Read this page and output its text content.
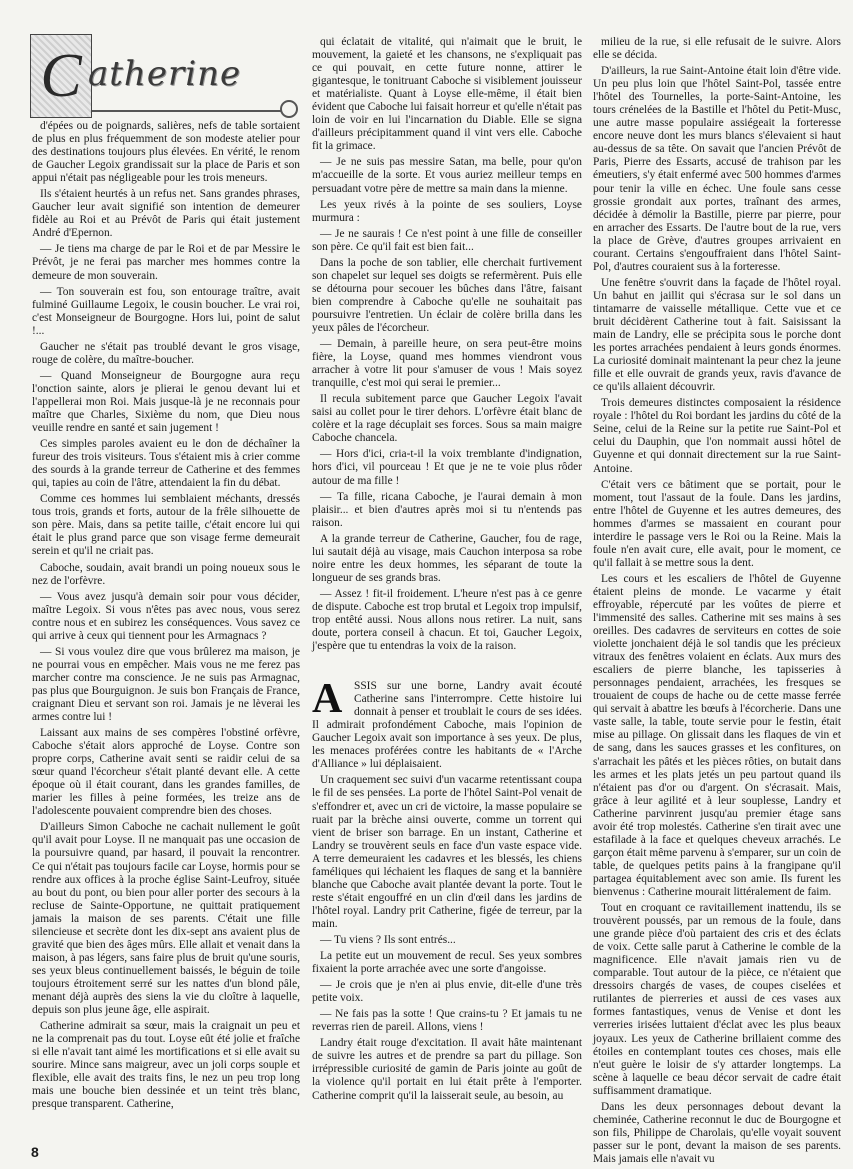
C atherine

d'épées ou de poignards, salières, nefs de table sortaient de plus en plus fréquemment de son modeste atelier pour des destinations toujours plus élevées. En vérité, le renom de Gaucher Legoix grandissait sur la place de Paris et son appui n'était pas négligeable pour les trois meneurs.

Ils s'étaient heurtés à un refus net. Sans grandes phrases, Gaucher leur avait signifié son intention de demeurer fidèle au Roi et au Prévôt de Paris qui était justement André d'Epernon.

— Je tiens ma charge de par le Roi et de par Messire le Prévôt, je ne ferai pas marcher mes hommes contre la demeure de mon souverain.

— Ton souverain est fou, son entourage traître, avait fulminé Guillaume Legoix, le cousin boucher. Le vrai roi, c'est Monseigneur de Bourgogne. Hors lui, point de salut !...

Gaucher ne s'était pas troublé devant le gros visage, rouge de colère, du maître-boucher.

— Quand Monseigneur de Bourgogne aura reçu l'onction sainte, alors je plierai le genou devant lui et l'appellerai mon Roi. Mais jusque-là je ne reconnais pour maître que Charles, Sixième du nom, que Dieu nous veuille rendre en santé et sain jugement !

Ces simples paroles avaient eu le don de déchaîner la fureur des trois visiteurs. Tous s'étaient mis à crier comme des sourds à la grande terreur de Catherine et des femmes qui, tapies au coin de l'âtre, attendaient la fin du débat.

Comme ces hommes lui semblaient méchants, dressés tous trois, grands et forts, autour de la frêle silhouette de son père. Mais, dans sa petite taille, c'était encore lui qui était le plus grand parce que son visage ferme demeurait serein et qu'il ne criait pas.

Caboche, soudain, avait brandi un poing noueux sous le nez de l'orfèvre.

— Vous avez jusqu'à demain soir pour vous décider, maître Legoix. Si vous n'êtes pas avec nous, vous serez contre nous et en subirez les conséquences. Vous savez ce qui arrive à ceux qui tiennent pour les Armagnacs ?

— Si vous voulez dire que vous brûlerez ma maison, je ne pourrai vous en empêcher. Mais vous ne me ferez pas marcher contre ma conscience. Je ne suis pas Armagnac, pas plus que Bourguignon. Je suis bon Français de France, craignant Dieu et servant son roi. Jamais je ne lèverai les armes contre lui !

Laissant aux mains de ses compères l'obstiné orfèvre, Caboche s'était alors approché de Loyse. Contre son propre corps, Catherine avait senti se raidir celui de sa sœur quand l'écorcheur s'était planté devant elle. A cette époque où il était courant, dans les grandes familles, de marier les filles à peine formées, les treize ans de l'adolescente pouvaient comprendre bien des choses.

D'ailleurs Simon Caboche ne cachait nullement le goût qu'il avait pour Loyse. Il ne manquait pas une occasion de la poursuivre quand, par hasard, il pouvait la rencontrer. Ce qui n'était pas toujours facile car Loyse, hormis pour se rendre aux offices à la proche église Saint-Leufroy, située au bout du pont, ou bien pour aller porter des secours à la recluse de Sainte-Opportune, ne quittait pratiquement jamais la maison de ses parents. C'était une fille silencieuse et secrète dont les dix-sept ans avaient plus de gravité que bien des âges mûrs. Elle allait et venait dans la maison, à pas légers, sans faire plus de bruit qu'une souris, ses yeux bleus continuellement baissés, le béguin de toile toujours étroitement serré sur les nattes d'un blond pâle, menant déjà auprès des siens la vie du cloître à laquelle, depuis son plus jeune âge, elle aspirait.

Catherine admirait sa sœur, mais la craignait un peu et ne la comprenait pas du tout. Loyse eût été jolie et fraîche si elle n'avait tant aimé les mortifications et si elle avait su sourire. Mince sans maigreur, avec un joli corps souple et flexible, elle avait des traits fins, le nez un peu trop long mais une bouche bien dessinée et un teint très blanc, presque transparent. Catherine,

qui éclatait de vitalité, qui n'aimait que le bruit, le mouvement, la gaieté et les chansons, ne s'expliquait pas ce qui pouvait, en cette future nonne, attirer le gigantesque, le tonitruant Caboche si visiblement jouisseur et matérialiste. Quant à Loyse elle-même, il était bien évident que Caboche lui faisait horreur et qu'elle n'était pas loin de voir en lui l'incarnation du Diable. Elle se signa d'ailleurs précipitamment quand il vint vers elle. Caboche fit la grimace.

— Je ne suis pas messire Satan, ma belle, pour qu'on m'accueille de la sorte. Et vous auriez meilleur temps en persuadant votre père de mettre sa main dans la mienne.

Les yeux rivés à la pointe de ses souliers, Loyse murmura :

— Je ne saurais ! Ce n'est point à une fille de conseiller son père. Ce qu'il fait est bien fait...

Dans la poche de son tablier, elle cherchait furtivement son chapelet sur lequel ses doigts se refermèrent. Puis elle se détourna pour secouer les bûches dans l'âtre, faisant bien comprendre à Caboche qu'elle ne souhaitait pas poursuivre l'entretien. Un éclair de colère brilla dans les yeux pâles de l'écorcheur.

— Demain, à pareille heure, on sera peut-être moins fière, la Loyse, quand mes hommes viendront vous arracher à votre lit pour s'amuser de vous ! Mais soyez tranquille, c'est moi qui serai le premier...

Il recula subitement parce que Gaucher Legoix l'avait saisi au collet pour le tirer dehors. L'orfèvre était blanc de colère et la rage décuplait ses forces. Sous sa main maigre Caboche chancela.

— Hors d'ici, cria-t-il la voix tremblante d'indignation, hors d'ici, vil pourceau ! Et que je ne te voie plus rôder autour de ma fille !

— Ta fille, ricana Caboche, je l'aurai demain à mon plaisir... et bien d'autres après moi si tu n'entends pas raison.

A la grande terreur de Catherine, Gaucher, fou de rage, lui sautait déjà au visage, mais Cauchon interposa sa robe noire entre les deux hommes, les séparant de toute la longueur de ses grands bras.

— Assez ! fit-il froidement. L'heure n'est pas à ce genre de dispute. Caboche est trop brutal et Legoix trop impulsif, trop entêté aussi. Nous allons nous retirer. La nuit, sans doute, portera conseil à chacun. Et toi, Gaucher Legoix, j'espère que tu entendras la voix de la raison.

A	SSIS sur une borne, Landry avait écouté Catherine sans l'interrompre. Cette histoire lui donnait à penser et troublait le cours de ses idées. Il admirait profondément Caboche, mais l'opinion de Gaucher Legoix avait son importance à ses yeux. De plus, les menaces proférées contre les habitants de « l'Arche d'Alliance » lui déplaisaient.

Un craquement sec suivi d'un vacarme retentissant coupa le fil de ses pensées. La porte de l'hôtel Saint-Pol venait de s'effondrer et, avec un cri de victoire, la masse populaire se ruait par la brèche ainsi ouverte, comme un torrent qui vient de briser son barrage. En un instant, Catherine et Landry se trouvèrent seuls en face d'un vaste espace vide. A terre demeuraient les cadavres et les blessés, les chiens faméliques qui léchaient les flaques de sang et la bannière blanche que Caboche avait plantée devant la porte. Tout le reste s'était engouffré en un clin d'œil dans les jardins de l'hôtel royal. Landry prit Catherine, figée de terreur, par la main.

— Tu viens ? Ils sont entrés...

La petite eut un mouvement de recul. Ses yeux sombres fixaient la porte arrachée avec une sorte d'angoisse.

— Je crois que je n'en ai plus envie, dit-elle d'une très petite voix.

— Ne fais pas la sotte ! Que crains-tu ? Et jamais tu ne reverras rien de pareil. Allons, viens !

Landry était rouge d'excitation. Il avait hâte maintenant de suivre les autres et de prendre sa part du pillage. Son irrépressible curiosité de gamin de Paris jointe au goût de la violence qu'il portait en lui était prête à l'emporter. Catherine comprit qu'il la laisserait seule, au besoin, au

milieu de la rue, si elle refusait de le suivre. Alors elle se décida.

D'ailleurs, la rue Saint-Antoine était loin d'être vide. Un peu plus loin que l'hôtel Saint-Pol, tassée entre l'hôtel des Tournelles, la porte-Saint-Antoine, les tours crénelées de la Bastille et l'hôtel du Petit-Musc, une autre masse populaire assiégeait la forteresse encore neuve dont les murs blancs s'élevaient si haut au-dessus de sa tête. On savait que l'ancien Prévôt de Paris, Pierre des Essarts, accusé de trahison par les émeutiers, s'y était enfermé avec 500 hommes d'armes pour tenir la ville en échec. Une foule sans cesse grossie grondait aux portes, traînant des armes, décidée à démolir la Bastille, pierre par pierre, pour en arracher des Essarts. De l'autre bout de la rue, vers la place de Grève, d'autres groupes arrivaient en courant. Certains s'engouffraient dans l'hôtel Saint-Pol, d'autres couraient sus à la forteresse.

Une fenêtre s'ouvrit dans la façade de l'hôtel royal. Un bahut en jaillit qui s'écrasa sur le sol dans un tintamarre de vaisselle métallique. Cette vue et ce bruit décidèrent Catherine tout à fait. Saisissant la main de Landry, elle se précipita sous le porche dont les portes arrachées pendaient à leurs gonds énormes. La curiosité dominait maintenant la peur chez la jeune fille et elle ouvrait de grands yeux, ravis d'avance de ce qu'ils allaient découvrir.

Trois demeures distinctes composaient la résidence royale : l'hôtel du Roi bordant les jardins du côté de la Seine, celui de la Reine sur la petite rue Saint-Pol et celui du Dauphin, que l'on nommait aussi hôtel de Guyenne et qui donnait directement sur la rue Saint-Antoine.

C'était vers ce bâtiment que se portait, pour le moment, tout l'assaut de la foule. Dans les jardins, entre l'hôtel de Guyenne et les autres demeures, des hommes d'armes se massaient en courant pour interdire le passage vers le Roi ou la Reine. Mais la foule n'en avait cure, elle avait, pour le moment, ce qu'il fallait à se mettre sous la dent.

Les cours et les escaliers de l'hôtel de Guyenne étaient pleins de monde. Le vacarme y était effroyable, répercuté par les voûtes de pierre et l'immensité des salles. Catherine mit ses mains à ses oreilles. Des cadavres de serviteurs en cottes de soie violette jonchaient déjà le sol tandis que les précieux vitraux des fenêtres volaient en éclats. Aux murs des escaliers de pierre blanche, les tapisseries à personnages pendaient, arrachées, les fresques se trouaient de coups de hache ou de cette masse ferrée qui servait à abattre les bœufs à l'écorcherie. Dans une vaste salle, la table, toute servie pour le festin, était mise au pillage. On glissait dans les flaques de vin et de sang, dans les sauces grasses et les confitures, on s'arrachait les pâtés et les pièces rôties, on butait dans les armes et les plats jetés un peu partout quand ils n'étaient pas d'or ou d'argent. On s'écrasait. Mais, grâce à leur agilité et à leur souplesse, Landry et Catherine parvinrent jusqu'au premier étage sans avoir été trop molestés. Catherine s'en tirait avec une estafilade à la face et quelques cheveux arrachés. Le garçon était même parvenu à s'emparer, sur un coin de table, de quelques petits pains à la frangipane qu'il partagea équitablement avec son amie. Ils furent les bienvenus : Catherine mourait littéralement de faim.

Tout en croquant ce ravitaillement inattendu, ils se trouvèrent poussés, par un remous de la foule, dans une grande pièce d'où partaient des cris et des éclats de voix. Cette salle parut à Catherine le comble de la magnificence. Elle n'avait jamais rien vu de comparable. Tout autour de la pièce, ce n'étaient que dressoirs chargés de vases, de coupes ciselées et rutilantes de pierreries et aussi de ces vases aux formes fantastiques, venus de Venise et dont les verreries irisées luttaient d'éclat avec les plus beaux joyaux. Les yeux de Catherine brillaient comme des étoiles en contemplant toutes ces choses, mais elle n'eut guère le loisir de s'y attarder longtemps. La scène à laquelle ce beau décor servait de cadre était suffisamment dramatique.

Dans les deux personnages debout devant la cheminée, Catherine reconnut le duc de Bourgogne et son fils, Philippe de Charolais, qu'elle voyait souvent passer sur le pont, devant la maison de ses parents. Mais jamais elle n'avait vu

8
